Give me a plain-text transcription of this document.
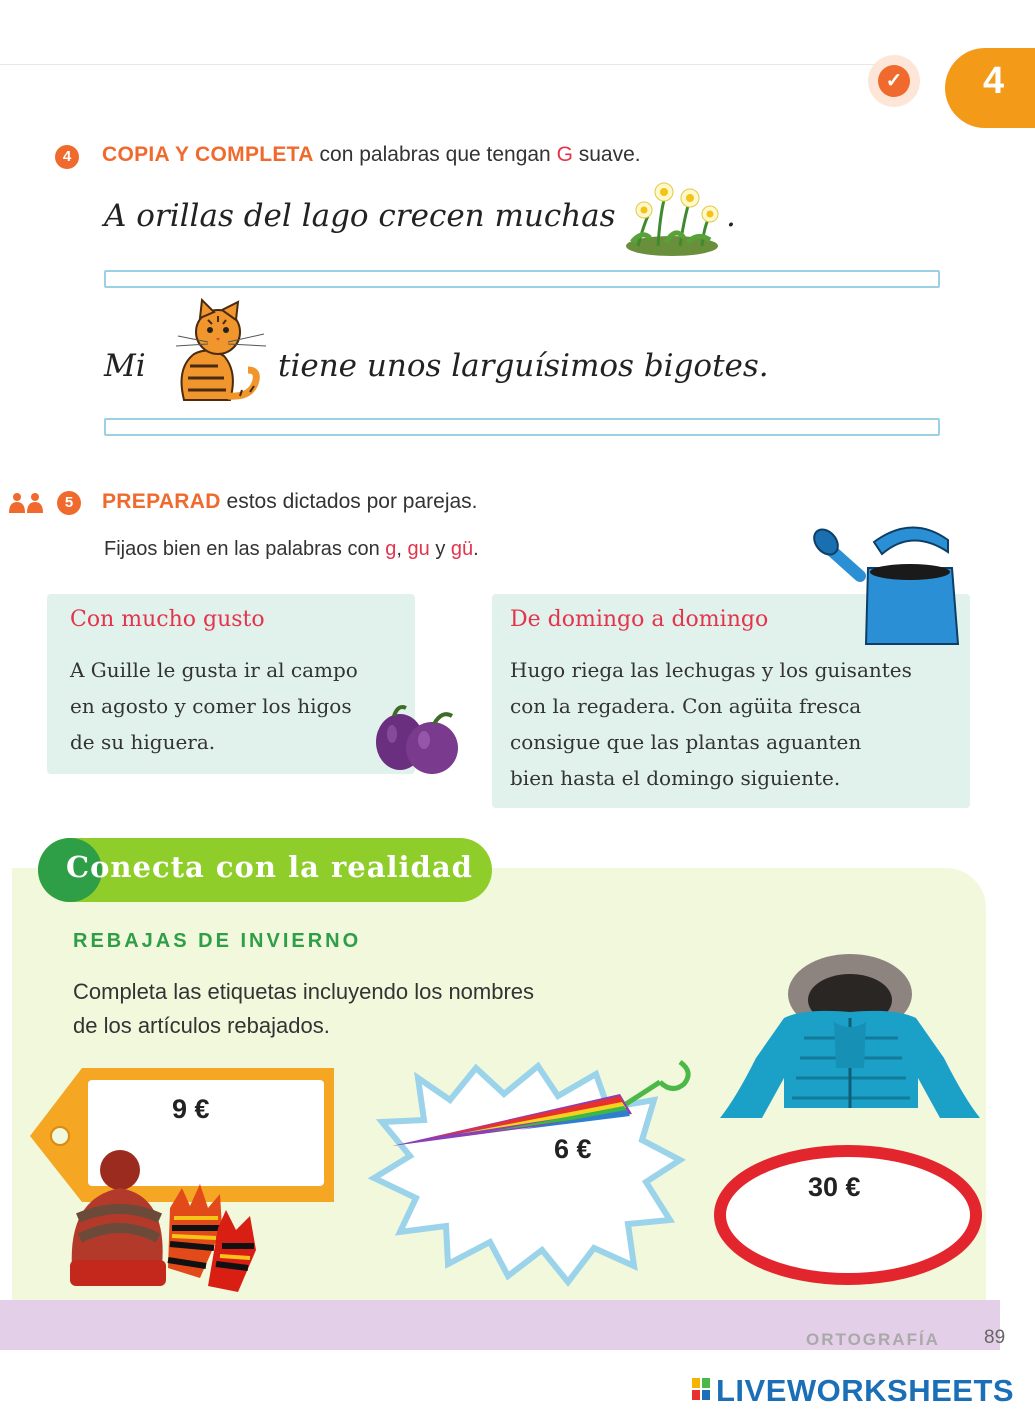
✓ 4
4	COPIA Y COMPLETA con palabras que tengan G suave.
A orillas del lago crecen muchas	.
Mi	tiene unos larguísimos bigotes.
5	PREPARAD estos dictados por parejas.
Fijaos bien en las palabras con g, gu y gü.
Con mucho gusto
A Guille le gusta ir al campo
en agosto y comer los higos
de su higuera.
De domingo a domingo
Hugo riega las lechugas y los guisantes
con la regadera. Con agüita fresca
consigue que las plantas aguanten
bien hasta el domingo siguiente.
Conecta con la realidad
REBAJAS DE INVIERNO
Completa las etiquetas incluyendo los nombres
de los artículos rebajados.
9 €
6 €
30 €
ORTOGRAFÍA 89
LIVEWORKSHEETS
